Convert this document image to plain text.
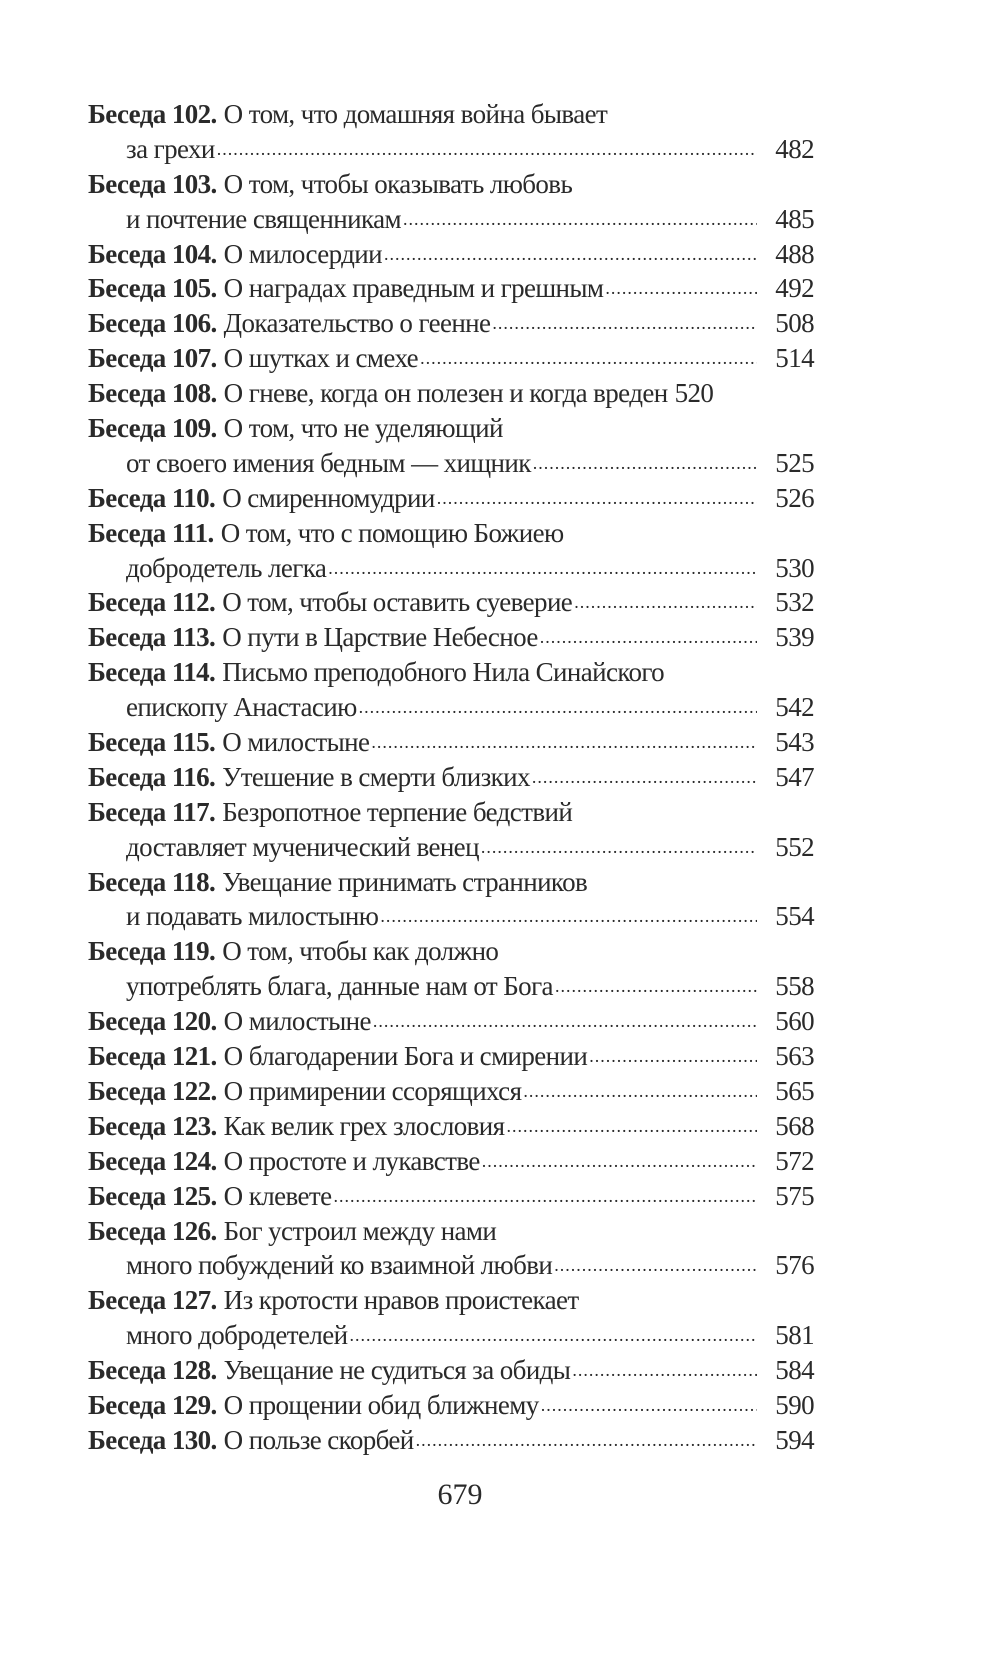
Беседа 102. О том, что домашняя война бывает
за грехи .....	482
Беседа 103. О том, чтобы оказывать любовь
и почтение священникам .....	485
Беседа 104. О милосердии .....	488
Беседа 105. О наградах праведным и грешным .....	492
Беседа 106. Доказательство о геенне .....	508
Беседа 107. О шутках и смехе .....	514
Беседа 108. О гневе, когда он полезен и когда вреден 520
Беседа 109. О том, что не уделяющий
от своего имения бедным — хищник .....	525
Беседа 110. О смиренномудрии .....	526
Беседа 111. О том, что с помощию Божиею
добродетель легка .....	530
Беседа 112. О том, чтобы оставить суеверие .....	532
Беседа 113. О пути в Царствие Небесное .....	539
Беседа 114. Письмо преподобного Нила Синайского
епископу Анастасию .....	542
Беседа 115. О милостыне .....	543
Беседа 116. Утешение в смерти близких .....	547
Беседа 117. Безропотное терпение бедствий
доставляет мученический венец .....	552
Беседа 118. Увещание принимать странников
и подавать милостыню .....	554
Беседа 119. О том, чтобы как должно
употреблять блага, данные нам от Бога .....	558
Беседа 120. О милостыне .....	560
Беседа 121. О благодарении Бога и смирении .....	563
Беседа 122. О примирении ссорящихся .....	565
Беседа 123. Как велик грех злословия .....	568
Беседа 124. О простоте и лукавстве .....	572
Беседа 125. О клевете .....	575
Беседа 126. Бог устроил между нами
много побуждений ко взаимной любви .....	576
Беседа 127. Из кротости нравов проистекает
много добродетелей .....	581
Беседа 128. Увещание не судиться за обиды .....	584
Беседа 129. О прощении обид ближнему .....	590
Беседа 130. О пользе скорбей .....	594
679
